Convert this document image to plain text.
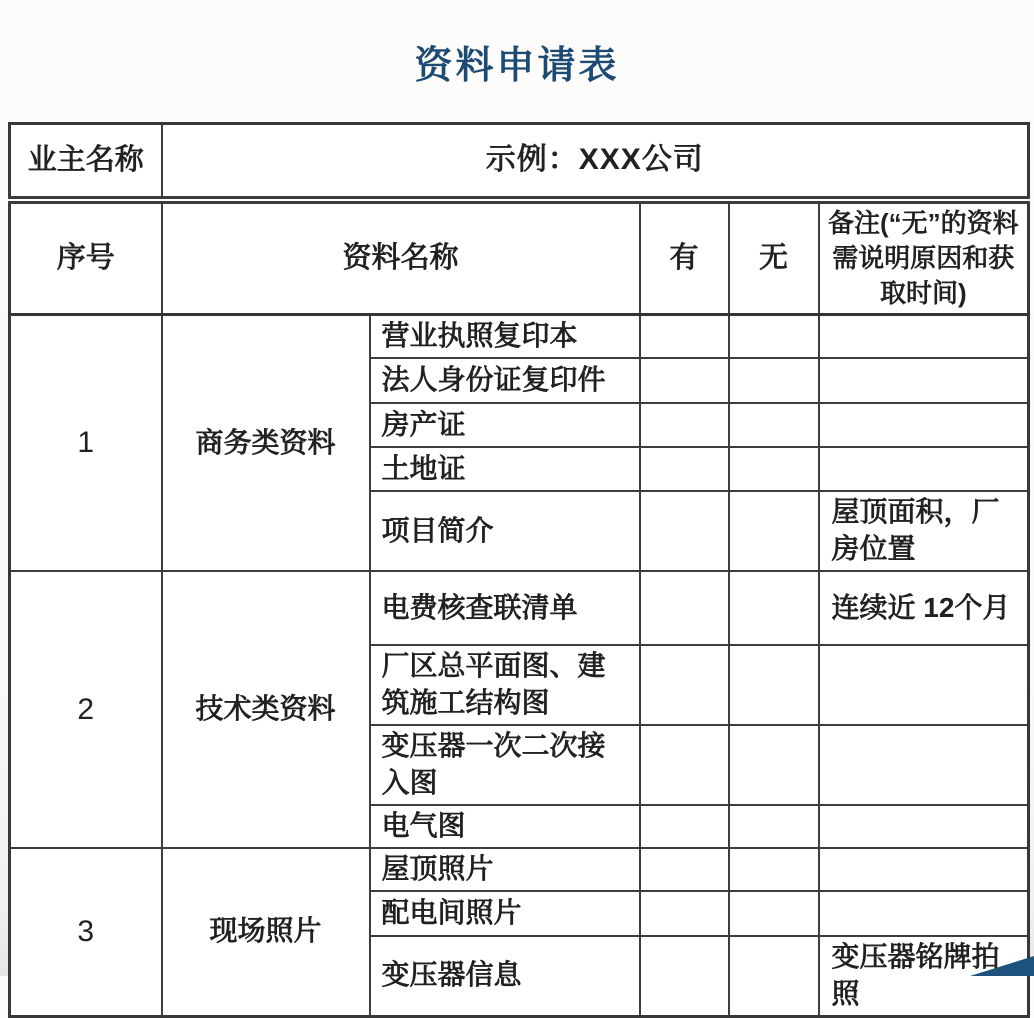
资料申请表
业主名称	示例：XXX公司				
序号	资料名称		有	无	备注(“无”的资料需说明原因和获取时间)
1	商务类资料	营业执照复印本			
		法人身份证复印件			
		房产证			
		土地证			
		项目简介			屋顶面积，厂房位置
2	技术类资料	电费核查联清单			连续近 12个月
		厂区总平面图、建筑施工结构图			
		变压器一次二次接入图			
		电气图			
3	现场照片	屋顶照片			
		配电间照片			
		变压器信息			变压器铭牌拍照
